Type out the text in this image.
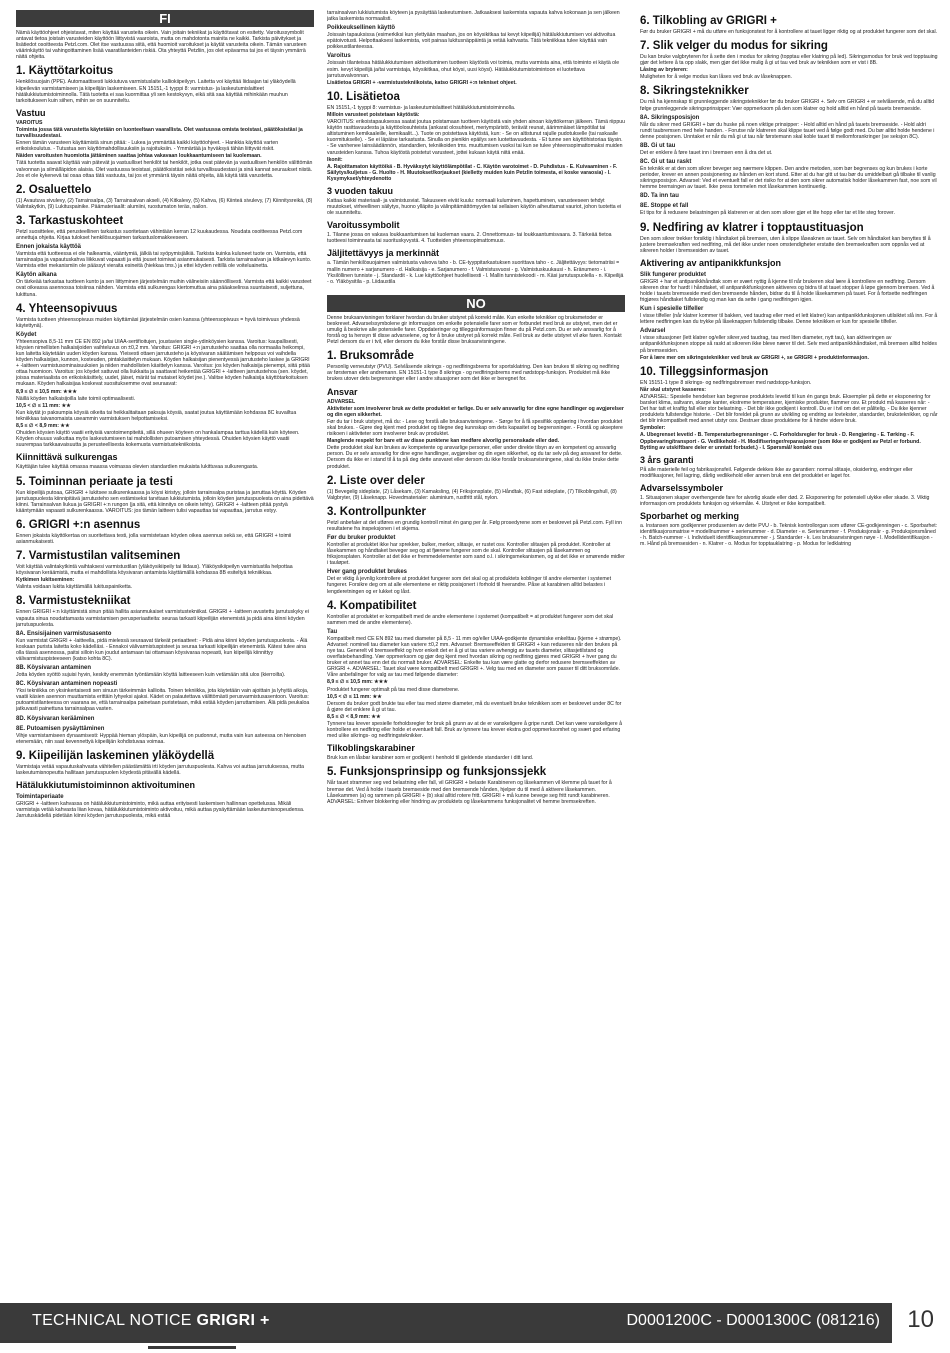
FI

Nämä käyttöohjeet ohjeistavat, miten käyttää varusteita oikein. Vain joitain tekniikat ja käyttötavat on esitetty. Varoitussymbolit antavat tietoa joistain varusteiden käyttöön liittyvistä vaaroista, mutta on mahdotonta mainita ne kaikki. Tarkista päivitykset ja lisätiedot osoitteesta Petzl.com. Olet itse vastuussa siitä, että huomioit varoitukset ja käytät varusteita oikein. Tämän varusteen väärinkäyttö tai vahingoittaminen lisää vaaratilanteiden riskiä. Ota yhteyttä Petzliin, jos olet epävarma tai jos et täysin ymmärrä näitä ohjeita.

1. Käyttötarkoitus

Henkilösuojain (PPE). Automaattisesti lukkiutuva varmistuslaite kalliokiipeilyyn. Laitetta voi käyttää liidaajan tai yläköydellä kiipeilevän varmistamiseen ja kiipeilijän laskemiseen. EN 15151,-1 tyyppi 8: varmistus- ja laskeutumislaitteet hätälukkiutumistoiminnolla. Tätä tuotetta ei saa kuormittaa yli sen kestokyvyn, eikä sitä saa käyttää mihinkään muuhun tarkoitukseen kuin siihen, mihin se on suunniteltu.

Vastuu

VAROITUS

Toiminta jossa tätä varustetta käytetään on luonteeltaan vaarallista. Olet vastuussa omista teoistasi, päätöksistäsi ja turvallisuudestasi.

Ennen tämän varusteen käyttämistä sinun pitää: - Lukea ja ymmärtää kaikki käyttöohjeet. - Hankkia käyttöä varten erikoiskoulutus. - Tutustua sen käyttömahdollisuuksiin ja rajoituksiin. - Ymmärtää ja hyväksyä tähän liittyvät riskit.

Näiden varoitusten huomiotta jättäminen saattaa johtaa vakavaan loukkaantumiseen tai kuolemaan.

Tätä tuotetta saavat käyttää vain pätevät ja vastuulliset henkilöt tai henkilöt, jotka ovat pätevän ja vastuullisen henkilön välittömän valvonnan ja silmälläpidon alaisia. Olet vastuussa teoistasi, päätöksistäsi sekä turvallisuudestasi ja sinä kannat seuraukset niistä. Jos et ole kykenevä tai osaa ottaa tätä vastuuta, tai jos et ymmärrä täysin näitä ohjeita, älä käytä tätä varustetta.

2. Osaluettelo

(1) Avautuva sivulevy, (2) Tarrainsalpa, (3) Tarrainsalvan akseli, (4) Kitkalevy, (5) Kahva, (6) Kiinteä sivulevy, (7) Kiinnitysreikä, (8) Valintakytkin, (9) Lukituspainike. Päämateriaalit: alumiini, ruostumaton teräs, nailon.

3. Tarkastuskohteet

Petzl suosittelee, että perusteellinen tarkastus suoritetaan vähintään kerran 12 kuukaudessa. Noudata osoitteessa Petzl.com annettuja ohjeita. Kirjaa tulokset henkilösuojaimen tarkastuslomakkeeseen.

Ennen jokaista käyttöä

Varmista että tuotteessa ei ole halkeamia, vääntymiä, jälkiä tai syöpymisjälkiä. Tarkista kuinka kuluneet tuote on. Varmista, että tarrainsalpa ja vapautuskahva liikkuvat vapaasti ja että jouset toimivat asianmukaisesti. Tarkista tarrainsalvan ja kitkalevyn kunto. Varmista ettei mekanismiin ole päässyt vieraita esineitä (hiekkaa tms.) ja ettei köyden reitillä ole voiteluainetta.

Käytön aikana

On tärkeää tarkastaa tuotteen kunto ja sen liittyminen järjestelmän muihin välineisiin säännöllisesti. Varmista että kaikki varusteet ovat oikeassa asennossa toisiinsa nähden. Varmista että sulkurengas kiertomuttua aina pääakselinsa suuntaisesti, suljettuna, lukittuna.

4. Yhteensopivuus

Varmista tuotteen yhteensopivuus muiden käyttämäsi järjestelmän osien kanssa (yhteensopivuus = hyvä toimivuus yhdessä käytettynä).

Köydet

Yhteensopiva 8,5-11 mm CE EN 892 ja/tai UIAA-sertifioitujen, joustavien single-ydinköysien kanssa. Varoitus: kaupallisesti, köysien nimellisten halkaisijoiden vaihteluvus on ±0,2 mm. Varoitus: GRIGRI +:n jarrutusteho saattaa olla normaalia heikompi, kun laitetta käytetään uuden köyden kanssa. Yleisesti ottaen jarrutusteho ja köysivaran säätämisen helppous voi vaihdella köyden halkaisijan, kunnon, kosteuden, pintakäsittelyn mukaan. Köyden halkaisijan pienentyessä jarrutusteho laskee ja GRIGRI + -laitteen varmistusominaisuuksien ja niiden mahdollisten käsittelyn kanssa. Varoitus: jos köyden halkaisija pienempi, siitä pitää ottaa huomioon. Varoitus: jos köydet sattuvat olla liukkaita ja saattavat heikentää GRIGRI + -laitteen jarrutustehoa (sen. köydet, joissa materiaalista on erikoiskäsittely, uudet, jäiset, märät tai mutaiset köydet jne.). Valitse köyden halkaisija käyttötarkoituksen mukaan. Köyden halkaisijaa koskevat suosituksemme ovat seuraavat:

8,9 ≤ ∅ ≤ 10,5 mm: ★★★

Näillä köyden halkaisijoilla laite toimii optimaalisesti.

10,5 < ∅ ≤ 11 mm: ★★

Kun käytät jo paksumpia köysiä oikeita tai heikkalitaitaan paksuja köysiä, saatat joutua käyttämään kohdassa 8C kuvailtua tekniikkaa taivanomaista useammin varmistuksen helpottamiseksi.

8,5 ≤ ∅ < 8,9 mm: ★★

Ohuiden köysien käyttö vaatii erityisiä varotoimenpiteitä, sillä ohueen köyteen on hankalampaa tarttua kädellä kuin köyteen. Köyden ohuuus vaikuttaa myös laskeutumiseen tai mahdollisten putoamisen yhteydessä. Ohuiden köysien käyttö vaatii suurempaa tarkkaavaisuutta ja perusteellisesta kokemusta varmistustekniikoista.

Kiinnittävä sulkurengas

Käyttäjän tulee käyttää omassa maassa voimassa olevien standardien mukaista lukittuvaa sulkurengasta.

5. Toiminnan periaate ja testi

Kun kiipeilijä putoaa, GRIGRI + lukitsee sulkurenkaassa ja köysi kiristyy, jolloin tarrainsalpa puristaa ja jarruttaa köyttä. Köyden jarrutuspuolesta kiinnipitävä jarrutusteho sen estämiseksi tarvitaan lukkiutumista, jolloin köyden jarrutuspuolesta on aina pidettävä kiinni. Tarrainsalvan liukua ja GRIGRI +:n rungon (ja sitä, että kiinnitys on oikein tehty). GRIGRI + -laitteen pitää pystyä kääntymään vapaasti sulkurenkaassa. VAROITUS: jos tämän laitteen tulisi vapauttaa tai vapauttaa, jarrutus estyy.

6. GRIGRI +:n asennus

Ennen jokaista käyttökertaa on suoritettava testi, jolla varmistetaan köyden oikea asennus sekä se, että GRIGRI + toimii asianmukaisesti.

7. Varmistustilan valitseminen

Voit käyttää valintakytkintä vaihtaksesi varmistustilan (yläköysikiipeily tai liidaus). Yläköysikiipeilyn varmistustila helpottaa köysivaran keräämistä, mutta ei mahdollista köysivaran antamista käyttämällä kohdassa 8B esiteltyä tekniikkaa.

Kytkimen lukitseminen:

Valinta voidaan lukita käyttämällä lukituspainiketta.

8. Varmistustekniikat

Ennen GRIGRI +:n käyttämistä sinun pitää hallita asianmukaiset varmistustekniikat. GRIGRI + -laitteen avustettu jarrutuskyky ei vapauta sinua noudattamasta varmistamisen perusperiaatteita: seuraa tarkasti kiipeilijän etenemistä ja pidä aina kiinni köyden jarrutuspuolesta.

8A. Ensisijainen varmistusasento

Kun varmistat GRIGRI + -laitteella, pidä mielessä seuraavat tärkeät periaatteet: - Pidä aina kiinni köyden jarrutuspuolesta. - Älä koskaan purista laitetta koko kädelläsi. - Ennakoi välivarmistuspisteet ja seuraa tarkasti kiipeilijän etenemistä. Kätesi tulee aina olla tässä asennossa, paitsi silloin kun joudut antamaan tai ottamaan köysivaraa nopeasti, kun kiipeilijä kiinnittyy välivarmistuspisteeseen (katso kohta 8C).

8B. Köysivaran antaminen

Jotta köyden syöttö sujuisi hyvin, keskity enemmän työntämään köyttä laitteeseen kuin vetämään sitä ulos (kierroilta).

8C. Köysivaran antaminen nopeasti

Yksi tekniikka on yksinkertaisesti sen sinuun tärkeimmän kallioita. Toinen tekniikka, jota käytetään vain ajoittain ja lyhyitä aikoja, vaatii käsien asennon muuttamista erittäin lyhyeksi ajaksi. Kädet on palautettava välittömästi perusvarmistusasentoon. Varoitus: putoamistilanteessa on vaarana se, että tarrainsalpa painetaan puristetaan, mikä estää köyden jarruttamisen. Älä pidä peukaloa jatkuvasti painettuna tarrainsalpaa vasten.

8D. Köysivaran kerääminen
8E. Putoamisen pysäyttäminen

Vihje varmistamiseen dynaamisesti: Hyppää hieman ylöspäin, kun kipeilijä on pudonnut, mutta vain kun asteessa on hienoisen etenemään, niin saat kevennettyä kiipeilijän kohdistuvaa voimaa.

9. Kiipeilijän laskeminen yläköydellä

Varmistaja vetää vapautuskahvasta vähitellen päästämättä irti köyden jarrutuspuolesta. Kahva voi auttaa jarrutuksessa, mutta laskeutumisnopeutta hallitaan jarrutuspuolen köydestä pitävällä kädellä.

Hätälukkiutumistoiminnon aktivoituminen
Toimintaperiaate

GRIGRI + -laitteen kahvassa on hätälukkiutumistoiminto, mikä auttaa erityisesti laskemisen hallinnan opettelussa. Mikäli varmistaja vetää kahvasta liian kovaa, hätälukkiutumistoiminto aktivoituu, mikä auttaa pysäyttämään laskeutumisnopeudensa. Jarrutuskädellä pidetään kiinni köyden jarrutuspuolesta, mikä estää

tarrainsalvan lukkiutumista köyteen ja pysäyttää laskeutumisen. Jatkaaksesi laskemista vapauta kahva kokonaan ja sen jälkeen jatka laskemista normaalisti.

Poikkeuksellinen käyttö

Joissain tapauksissa (esimerkiksi kun ylettyään maahan, jos on köysikitkaa tai kevyt kiipeilijä) hätälukkiutumisen voi aktivoitua epätoivotusti. Helpottaaksesi laskemista, voit painaa lukitusnäppäintä ja vetää kahvasta. Tätä tekniikkaa tulee käyttää vain poikkeustilanteessa.

Varoitus

Joissain tilanteissa hätälukkiutumisen aktivoituminen tuotteen käytöstä voi toimia, mutta varmista aina, että toiminto ei käytä ole esim. kevyt kiipeilijä ja/tai varmistaja, köysikitkaa, ohut köysi, uusi köysi). Hätälukkiutumistoimintoon ei luotettava jarrutusvalvonnan.

Lisätietoa GRIGRI + -varmistustekniikoista, katso GRIGRI +:n tekniset ohjeet.

10. Lisätietoa

EN 15151,-1 tyyppi 8: varmistus- ja laskeutumislaitteet hätälukkiutumistoiminnolla.

Milloin varusteet poistetaan käytöstä:

VAROITUS: erikoistapauksessa saatat joutua poistamaan tuotteen käytöstä vain yhden ainoan käyttökerran jälkeen. Tämä riippuu käytön rasittavuudesta ja käyttöolosuhteista (ankarat olosuhteet, meriympäristö, terävät reunat, äärimmäiset lämpötilat tai altistuminen kemikaaleille, kemikaalit...). Tuote on poistettava käytöstä, kun: - Se on altistunut rajulle pudotukselle (tai raskaalle kuormitukselle). - Se ei läpäise tarkastusta. Sinulla on pienikin epäilys sen luotettavuudesta. - Et tunne sen käyttöhistoriaa täysin. - Se vanhenee lainsäädännön, standardien, tekniikoiden tms. muuttumisen vuoksi tai kun se tulee yhteensopimattomaksi muiden varusteiden kanssa. Tuhoa käytöstä poistetut varusteet, jottei kukaan käytä niitä enää.

Ikonit:

A. Rajoittamaton käyttöikä - B. Hyväksytyt käyttölämpötilat - C. Käytön varotoimet - D. Puhdistus - E. Kuivaaminen - F. Säilytys/kuljetus - G. Huolto - H. Muutokset/korjaukset (kielletty muiden kuin Petzlin toimesta, ei koske varaosia) - I. Kysymykset/yhteydenotto

3 vuoden takuu

Kattaa kaikki materiaali- ja valmistusviat. Takuuseen eivät kuulu: normaali kuluminen, hapettuminen, varusteeseen tehdyt muutokset, virheellinen säilytys, huono ylläpito ja välinpitämättömyyden tai sellaisen käytön aiheuttamat vauriot, johon tuotetta ei ole suunniteltu.

Varoitussymbolit

1. Tilanne jossa on vakava loukkaantumisen tai kuoleman vaara. 2. Onnettomuus- tai loukkaantumisvaara. 3. Tärkeää tietoa tuotteesi toiminnasta tai suorituskyvystä. 4. Tuotteiden yhteensopimattomuus.

Jäljitettävyys ja merkinnät

a. Tämän henkilösuojaimen valmistusta valvova taho - b. CE-tyyppitarkastuksen suorittava taho - c. Jäljitettävyys: tietomatriisi = mallin numero + sarjanumero - d. Halkaisija - e. Sarjanumero - f. Valmistusvuosi - g. Valmistuskuukausi - h. Eränumero - i. Yksilöllinen tunniste - j. Standardit - k. Lue käyttöohjeet huolellisesti - l. Mallin tunnistekoodi - m. Käsi jarrutuspuolella - n. Kiipeilijä - o. Yläköysitila - p. Liidaustila

NO

Denne bruksanvisningen forklarer hvordan du bruker utstyret på korrekt måte. Kun enkelte teknikker og bruksmetoder er beskrevet. Advarselssymbolene gir informasjon om enkelte potensielle farer som er forbundet med bruk av utstyret, men det er umulig å beskrive alle potensielle farer. Oppdateringer og tilleggsinformasjon finner du på Petzl.com. Du er selv ansvarlig for å forstå og ta hensyn til disse advarselene, og for å bruke utstyret på korrekt måte. Feil bruk av dette utstyret vil øke faren. Kontakt Petzl dersom du er i tvil, eller dersom du ikke forstår disse bruksanvisningene.

1. Bruksområde

Personlig verneutstyr (PVU). Selvlåsende sikrings - og nedfiringsbrems for sportsklatring. Den kan brukes til sikring og nedfiring av førsteman eller andremann. EN 15151-1 type 8 sikrings - og nedfiringsbrems med nødstopp-funksjon. Produktet må ikke brukes utover dets begrensninger eller i andre situasjoner som det ikke er beregnet for.

Ansvar

ADVARSEL

Aktiviteter som involverer bruk av dette produktet er farlige. Du er selv ansvarlig for dine egne handlinger og avgjørelser og din egen sikkerhet.

Før du tar i bruk utstyret, må du: - Lese og forstå alle bruksanvisningene. - Sørge for å få spesifikk opplæring i hvordan produktet skal brukes. - Gjøre deg kjent med produktet og tilegne deg kunnskap om dets kapasitet og begrensninger. - Forstå og akseptere risikoen i aktiviteter som involverer bruk av produktet.

Manglende respekt for bare ett av disse punktene kan medføre alvorlig personskade eller død.

Dette produktet skal kun brukes av kompetente og ansvarlige personer, eller under direkte tilsyn av en kompetent og ansvarlig person. Du er selv ansvarlig for dine egne handlinger, avgjørelser og din egen sikkerhet, og du tar selv på deg ansvaret for dette. Dersom du ikke er i stand til å ta på deg dette ansvaret eller dersom du ikke forstår bruksanvisningene, skal du ikke bruke dette produktet.

2. Liste over deler

(1) Bevegelig sideplate, (2) Låsekam, (3) Kamaksling, (4) Friksjonsplate, (5) Håndtak, (6) Fast sideplate, (7) Tilkoblingshull, (8) Valgbryter, (9) Låseknapp. Hovedmaterialer: aluminium, rustfritt stål, nylon.

3. Kontrollpunkter

Petzl anbefaler at det utføres en grundig kontroll minst én gang per år. Følg prosedyrene som er beskrevet på Petzl.com. Fyll inn resultatene fra inspeksjonen i et skjema.

Før du bruker produktet

Kontroller at produktet ikke har sprekker, bulker, merker, slitasje, er rustet osv. Kontroller slitasjen på produktet. Kontroller at låsekammen og håndtaket beveger seg og at fjærene fungerer som de skal. Kontroller slitasjen på låsekammen og friksjonsplaten. Kontroller at det ikke er fremmedelementer som sand o.l. i sikringsmekanismen, og at det ikke er smørende midler i tauløpet.

Hver gang produktet brukes

Det er viktig å jevnlig kontrollere at produktet fungerer som det skal og at produktets koblinger til andre elementer i systemet fungerer. Forsikre deg om at alle elementene er riktig posisjonert i forhold til hverandre. Påse at karabinen alltid belastes i lengderetningen og er lukket og låst.

4. Kompatibilitet

Kontroller at produktet er kompatibelt med de andre elementene i systemet (kompatibelt = at produktet fungerer som det skal sammen med de andre elementene).

Tau

Kompatibelt med CE EN 892 tau med diameter på 8,5 - 11 mm og/eller UIAA-godkjente dynamiske enkelttau (kjerne + strømpe). Advarsel: nominell tau diameter kan variere ±0,2 mm. Advarsel: Bremseeffekten til GRIGRI + kan reduseres når den brukes på nye tau. Generelt vil bremseeffekt og hvor enkelt det er å gi ut tau variere avhengig av tauets diameter, slitasjetilstand og overflatebehandling. Vær oppmerksom og gjør deg kjent med hvordan sikring og nedfiring gjøres med GRIGRI + hver gang du bruker et annet tau enn det du normalt bruker. ADVARSEL: Enkelte tau kan være glatte og derfor redusere bremseeffekten av GRIGRI +. ADVARSEL: Tauet skal være kompatibelt med GRIGRI +. Velg tau med en diameter som passer til ditt bruksområde. Våre anbefalinger for valg av tau med følgende diameter:

8,9 ≤ ∅ ≤ 10,5 mm: ★★★

Produktet fungerer optimalt på tau med disse diametrene.

10,5 < ∅ ≤ 11 mm: ★★

Dersom du bruker godt brukte tau eller tau med større diameter, må du eventuelt bruke teknikken som er beskrevet under 8C for å gjøre det enklere å gi ut tau.

8,5 ≤ ∅ < 8,9 mm: ★★

Tynnere tau krever spesielle forholdsregler for bruk på grunn av at de er vanskeligere å gripe rundt. Det kan være vanskeligere å kontrollere en nedfiring eller holde et eventuelt fall. Bruk av tynnere tau krever ekstra god oppmerksomhet og svært god erfaring med ulike sikrings- og nedfiringsteknikker.

Tilkoblingskarabiner

Bruk kun en låsbar karabiner som er godkjent i henhold til gjeldende standarder i ditt land.

5. Funksjonsprinsipp og funksjonssjekk

Når tauet strammer seg ved belastning eller fall, vil GRIGRI + belaste Karabineren og låsekammen vil klemme på tauet for å bremse det. Ved å holde i tauets bremseside med den bremsende hånden, hjelper du til med å aktivere låsekammen. Låsekammen (a) og rammen på GRIGRI + (b) skal alltid rotere fritt. GRIGRI + må kunne bevege seg fritt rundt karabineren. ADVARSEL: Enhver blokkering eller hindring av produktets og låsekammens funksjonalitet vil hemme bremsekreften.

6. Tilkobling av GRIGRI +

Før du bruker GRIGRI + må du utføre en funksjonstest for å kontrollere at tauet ligger riktig og at produktet fungerer som det skal.

7. Slik velger du modus for sikring

Du kan bruke valgbryteren for å sette den i modus for sikring (topptau eller klatring på led). Sikringsmodus for bruk ved topptauing gjør det lettere å ta opp slakk, men gjør det ikke mulig å gi ut tau ved bruk av teknikken som er vist i 8B.

Låsing av bryteren:

Muligheten for å velge modus kan låses ved bruk av låseknappen.

8. Sikringsteknikker

Du må ha kjennskap til grunnleggende sikringsteknikker før du bruker GRIGRI +. Selv om GRIGRI + er selvlåsende, må du alltid følge grunnleggende sikringsprinsipper: Vær oppmerksom på den som klatrer og hold alltid en hånd på tauets bremseside.

8A. Sikringsposisjon

Når du sikrer med GRIGRI + bør du huske på noen viktige prinsipper: - Hold alltid en hånd på tauets bremseside. - Hold aldri rundt taubremsen med hele handen. - Forutse når klatreren skal klippe tauet ved å følge godt med. Du bør alltid holde hendene i denne posisjonen. Unntaket er når du må gi ut tau når førstemann skal koble tauet til mellomforankringer (se seksjon 8C).

8B. Gi ut tau

Det er enklere å føre tauet inn i bremsen enn å dra det ut.

8C. Gi ut tau raskt

Én teknikk er at den som sikrer beveger seg nærmere klippen. Den andre metoden, som bør begrenses og kun brukes i korte perioder, krever en annen posisjonering av hånden en kort stund. Etter at du har gitt ut tau bør du umiddelbart gå tilbake til vanlig sikringsposisjon. Advarsel: Ved et eventuelt fall er det risiko for at den som sikrer automatisk holder låsekammen fast, noe som vil hemme bremsingen av tauet. Ikke press tommelen mot låsekammen kontinuerlig.

8D. Ta inn tau
8E. Stoppe et fall

Et tips for å redusere belastningen på klatreren er at den som sikrer gjør et lite hopp eller tar et lite steg forover.

9. Nedfiring av klatrer i topptaustituasjon

Den som sikrer trekker forsiktig i håndtaket på bremsen, uten å slippe låseaknen av tauet. Selv om håndtaket kan benyttes til å justere bremsekraften ved nedfiring, må det ikke under noen omstendigheter erstatte den bremsekraften som oppnås ved at sikreren holder i bremsesiden av tauet.

Aktivering av antipanikkfunksjon
Slik fungerer produktet

GRIGRI + har et antipanikkhåndtak som er svært nyttig å kjenne til når brukeren skal lære å kontrollere en nedfiring. Dersom sikreren drar for hardt i håndtaket, vil antipanikkfunksjonen aktiveres og bidra til at tauet stopper å løpe gjennom bremsen. Ved å holde i tauets bremseside med den bremsende hånden, bidrar du til å holde låsekammen på tauet. For å fortsette nedfiringen frigjøres håndtaket fullstendig og man kan da sette i gang nedfiringen igjen.

Kun i spesielle tilfeller

I visse tilfeller (når klatrer kommer til bakken, ved taudrag eller med et lett klatrer) kan antipanikkfunksjonen utilsiktet slå inn. For å lettere nedfiringen kan du trykke på låseknappen fullstendig tilbake. Denne teknikken er kun for spesielle tilfeller.

Advarsel

I visse situasjoner (lett klatrer og/eller sikrer,ved taudrag, tau med liten diameter, nytt tau), kan aktiveringen av antipanikkfunksjonen stoppe så raskt at sikreren ikke bleve nærer til det. Selv med antipanikkhåndtaket, må bremsen alltid holdes på bremsesiden.

For å lære mer om sikringsteknikker ved bruk av GRIGRI +, se GRIGRI + produktinformasjon.

10. Tilleggsinformasjon

EN 15151-1 type 8 sikrings- og nedfiringsbremser med nødstopp-funksjon.

Når skal utstyret kasseres:

ADVARSEL: Spesielle hendelser kan begrense produktets levetid til kun én gangs bruk. Eksempler på dette er eksponering for barsket klima, saltvann, skarpe kanter, ekstreme temperaturer, kjemiske produkter, flammer osv. Et produkt må kasseres når: - Det har tatt et kraftig fall eller stor belastning. - Det blir ikke godkjent i kontroll. Du er i tvil om det er pålitelig. - Du ikke kjenner produktets fullstendige historie. - Det blir foreldet på grunn av utvikling og endring av lovtekster, standarder, bruksteknikker, og når det blir inkompatibelt med annet utstyr osv. Destruer disse produktene for å hindre videre bruk.

Symboler:

A. Ubegrenset levetid - B. Temperaturbegrensninger - C. Forholdsregler for bruk - D. Rengjøring - E. Tørking - F. Oppbevaring/transport - G. Vedlikehold - H. Modifiseringer/reparasjoner (som ikke er godkjent av Petzl er forbund. Bytting av utskiftbare deler er unntatt forbudet.) - I. Spørsmål/ kontakt oss

3 års garanti

På alle materielle feil og fabrikasjonsfeil. Følgende dekkes ikke av garantien: normal slitasje, oksidering, endringer eller modifikasjoner, feil lagring, dårlig vedlikehold eller annen bruk enn det produktet er laget for.

Advarselssymboler

1. Situasjonen skaper overhengende fare for alvorlig skade eller død. 2. Eksponering for potensiell ulykke eller skade. 3. Viktig informasjon om produktets funksjon og virkemåte. 4. Utstyret er ikke kompatibelt.

Sporbarhet og merking

a. Instansen som godkjenner produsenten av dette PVU - b. Teknisk kontrollorgan som utfører CE-godkjenningen - c. Sporbarhet: identifikasjonsmatrise = modellnummer + serienummer - d. Diameter - e. Serienummer - f. Produksjonsår - g. Produksjonsmåned - h. Batch-nummer - i. Individuelt identifikasjonsnummer - j. Standarder - k. Les bruksanvisningen nøye - l. Modellidentifikasjon - m. Hånd på bremsesiden - n. Klatrer - o. Modus for topptauklatring - p. Modus for ledklatring

TECHNICAL NOTICE GRIGRI +	D0001200C - D0001300C (081216) 10
